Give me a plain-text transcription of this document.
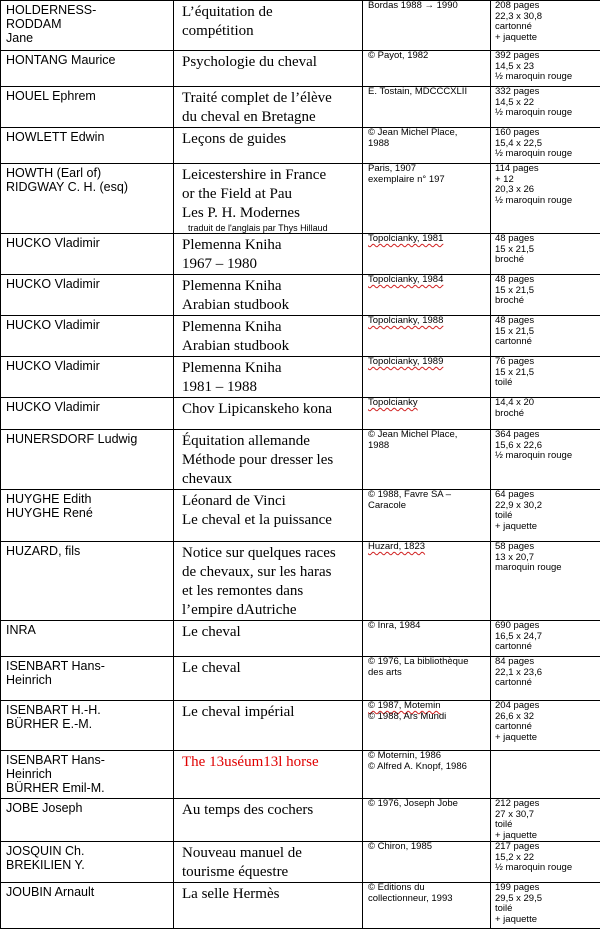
HOLDERNESS-
RODDAM
Jane	L’équitation de
compétition	Bordas 1988 → 1990	208 pages
22,3 x 30,8
cartonné
+ jaquette

HONTANG Maurice	Psychologie du cheval	© Payot, 1982	392 pages
14,5 x 23
½ maroquin rouge

HOUEL Ephrem	Traité complet de l’élève
du cheval en Bretagne	E. Tostain, MDCCCXLII	332 pages
14,5 x 22
½ maroquin rouge

HOWLETT Edwin	Leçons de guides	© Jean Michel Place,
1988	160 pages
15,4 x 22,5
½ maroquin rouge

HOWTH (Earl of)
RIDGWAY C. H. (esq)	Leicestershire in France
or the Field at Pau
Les P. H. Modernes
traduit de l'anglais par Thys Hillaud	Paris, 1907
exemplaire n° 197	114 pages
+ 12
20,3 x 26
½ maroquin rouge

HUCKO Vladimir	Plemenna Kniha
1967 – 1980	Topolcianky, 1981	48 pages
15 x 21,5
broché

HUCKO Vladimir	Plemenna Kniha
Arabian studbook	Topolcianky, 1984	48 pages
15 x 21,5
broché

HUCKO Vladimir	Plemenna Kniha
Arabian studbook	Topolcianky, 1988	48 pages
15 x 21,5
cartonné

HUCKO Vladimir	Plemenna Kniha
1981 – 1988	Topolcianky, 1989	76 pages
15 x 21,5
toilé

HUCKO Vladimir	Chov Lipicanskeho kona	Topolcianky	14,4 x 20
broché

HUNERSDORF Ludwig	Équitation allemande
Méthode pour dresser les
chevaux	© Jean Michel Place,
1988	364 pages
15,6 x 22,6
½ maroquin rouge

HUYGHE Edith
HUYGHE René	Léonard de Vinci
Le cheval et la puissance	© 1988, Favre SA –
Caracole	64 pages
22,9 x 30,2
toilé
+ jaquette

HUZARD, fils	Notice sur quelques races
de chevaux, sur les haras
et les remontes dans
l’empire dAutriche	Huzard, 1823	58 pages
13 x 20,7
maroquin rouge

INRA	Le cheval	© Inra, 1984	690 pages
16,5 x 24,7
cartonné

ISENBART Hans-
Heinrich	Le cheval	© 1976, La bibliothèque
des arts	84 pages
22,1 x 23,6
cartonné

ISENBART H.-H.
BÜRHER E.-M.	Le cheval impérial	© 1987, Motemin
© 1988, Ars Mundi	204 pages
26,6 x 32
cartonné
+ jaquette

ISENBART Hans-
Heinrich
BÜRHER Emil-M.	The 13uséum13l horse	© Moternin, 1986
© Alfred A. Knopf, 1986	

JOBE Joseph	Au temps des cochers	© 1976, Joseph Jobe	212 pages
27 x 30,7
toilé
+ jaquette

JOSQUIN Ch.
BREKILIEN Y.	Nouveau manuel de
tourisme équestre	© Chiron, 1985	217 pages
15,2 x 22
½ maroquin rouge

JOUBIN Arnault	La selle Hermès	© Editions du
collectionneur, 1993	199 pages
29,5 x 29,5
toilé
+ jaquette
